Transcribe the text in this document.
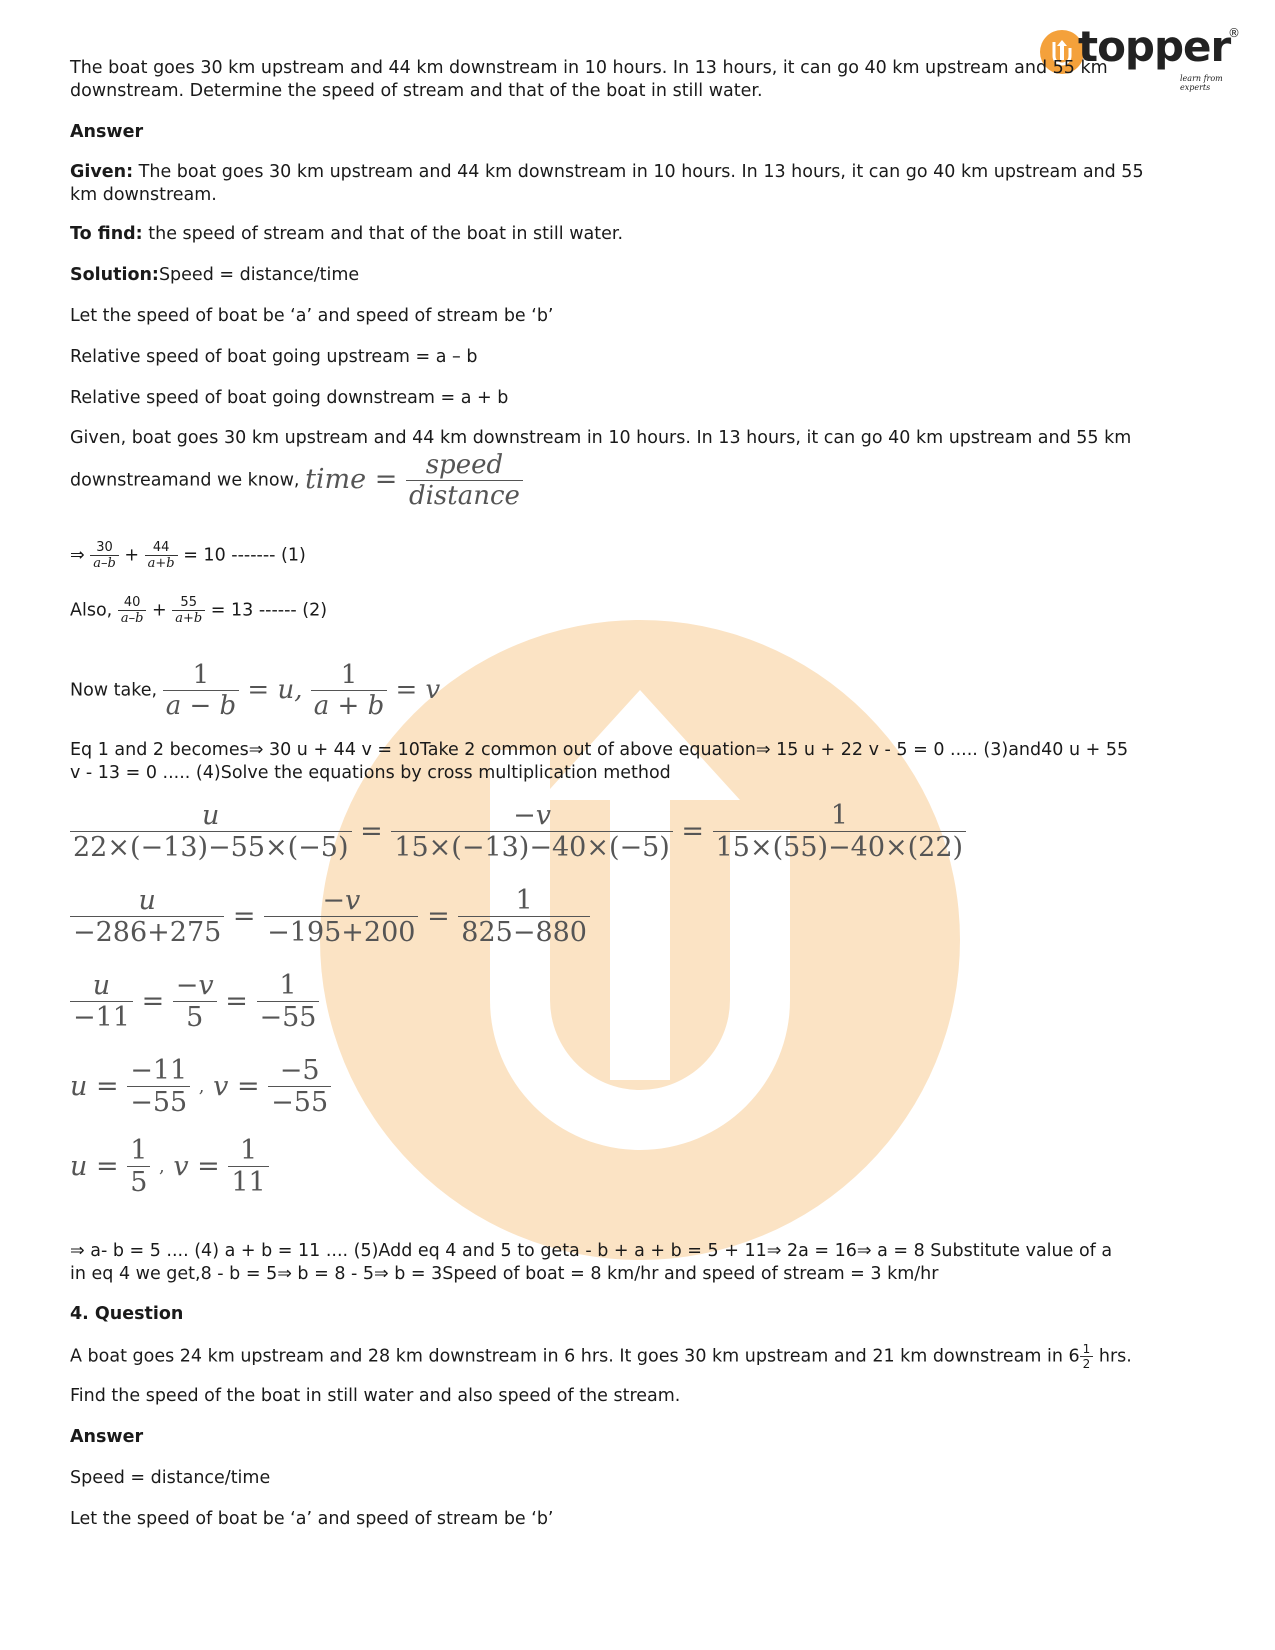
topper
®
learn from experts
The boat goes 30 km upstream and 44 km downstream in 10 hours. In 13 hours, it can go 40 km upstream and 55 km
downstream. Determine the speed of stream and that of the boat in still water.
Answer
Given: The boat goes 30 km upstream and 44 km downstream in 10 hours. In 13 hours, it can go 40 km upstream and 55
km downstream.
To find: the speed of stream and that of the boat in still water.
Solution:Speed = distance/time
Let the speed of boat be ‘a’ and speed of stream be ‘b’
Relative speed of boat going upstream = a – b
Relative speed of boat going downstream = a + b
Given, boat goes 30 km upstream and 44 km downstream in 10 hours. In 13 hours, it can go 40 km upstream and 55 km
downstreamand we know, time = $\frac{\text{speed}}{\text{distance}}$
⇒ $\frac{30}{a-b} + \frac{44}{a+b} = 10$ ------- (1)
Also, $\frac{40}{a-b} + \frac{55}{a+b} = 13$ ------ (2)
Now take, $\frac{1}{a - b} = u$, $\frac{1}{a + b} = v$
Eq 1 and 2 becomes⇒ 30 u + 44 v = 10Take 2 common out of above equation⇒ 15 u + 22 v - 5 = 0 ..... (3)and40 u + 55
v - 13 = 0 ..... (4)Solve the equations by cross multiplication method
$\frac{u}{22\times(-13)-55\times(-5)} = \frac{-v}{15\times(-13)-40\times(-5)} = \frac{1}{15\times(55)-40\times(22)}$
$\frac{u}{-286+275} = \frac{-v}{-195+200} = \frac{1}{825-880}$
$\frac{u}{-11} = \frac{-v}{5} = \frac{1}{-55}$
$u = \frac{-11}{-55}$ , $v = \frac{-5}{-55}$
$u = \frac{1}{5}$ , $v = \frac{1}{11}$
⇒ a- b = 5 .... (4) a + b = 11 .... (5)Add eq 4 and 5 to geta - b + a + b = 5 + 11⇒ 2a = 16⇒ a = 8 Substitute value of a
in eq 4 we get,8 - b = 5⇒ b = 8 - 5⇒ b = 3Speed of boat = 8 km/hr and speed of stream = 3 km/hr
4. Question
A boat goes 24 km upstream and 28 km downstream in 6 hrs. It goes 30 km upstream and 21 km downstream in $6 \frac{1}{2}$ hrs.
Find the speed of the boat in still water and also speed of the stream.
Answer
Speed = distance/time
Let the speed of boat be ‘a’ and speed of stream be ‘b’
